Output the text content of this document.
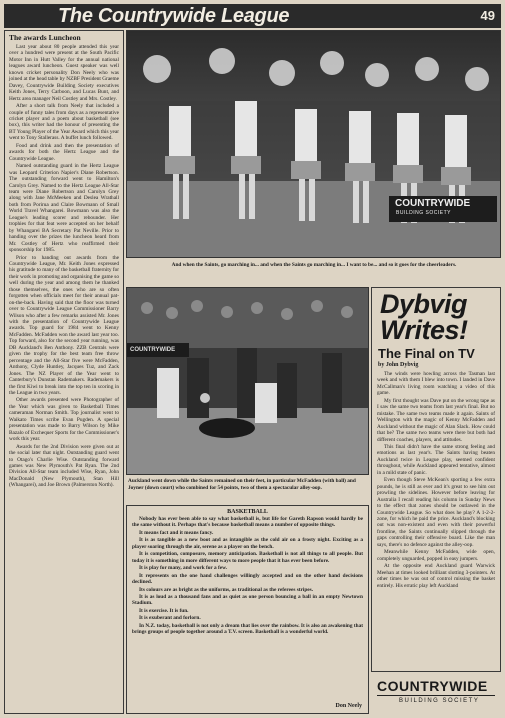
The Countrywide League	49
The awards Luncheon

Last year about 80 people attended this year over a hundred were present at the South Pacific Motor Inn in Hutt Valley for the annual national leagues award luncheon. Guest speaker was well known cricket personality Don Neely who was joined at the head table by NZBF President Graeme Davey, Countrywide Building Society executives Keith Jones, Terry Carboon, and Lucas Bunt, and Hertz area manager Neil Costley and Mrs. Costley.

After a short talk from Neely that included a couple of funny tales from days as a representative cricket player and a poem about basketball (see box), this writer had the honour of presenting the BT Young Player of the Year Award which this year went to Tony Stallerass. A buffet lunch followed.

Food and drink and then the presentation of awards for both the Hertz League and the Countrywide League.

Named outstanding guard in the Hertz League was Leopard Criterion Napier's Diane Robertson. The outstanding forward went to Hamilton's Carolyn Grey. Named to the Hertz League All-Star team were Diane Robertson and Carolyn Grey along with Jane McMeeken and Deslea Wrathall both from Porirua and Claire Bowmann of Small World Travel Whangarei. Bowmann was also the League's leading scorer and rebounder. Her trophies for that feat were accepted on her behalf by Whangarei BA Secretary Pat Neville. Prior to handing over the prizes the luncheon heard from Mr. Costley of Hertz who reaffirmed their sponsorship for 1985.

Prior to handing out awards from the Countrywide League, Mr. Keith Jones expressed his gratitude to many of the basketball fraternity for their work in promoting and organising the game so well during the year and among them he thanked those themselves, the ones who are so often forgotten when officials meet for their annual pat-on-the-back. Having said that the floor was turned over to Countrywide League Commissioner Barry Wilson who after a few remarks assisted Mr. Jones with the presentation of Countrywide League awards. Top guard for 1984 went to Kenny McFadden. McFadden won the award last year too. Top forward, also for the second year running, was DB Auckland's Ben Anthony. ZZB Centrals were given the trophy for the best team free throw percentage and the All-Star five were McFadden, Anthony, Clyde Huntley, Jacques Tuz, and Zack Jones. The NZ Player of the Year went to Canterbury's Dunstan Rademakers. Rademakers is the first Kiwi to break into the top ten in scoring in the League in two years.

Other awards presented were Photographer of the Year which was given to Basketball Times cameraman Norman Smith. Top journalist went to Waikato Times scribe Evan Pugden. A special presentation was made to Barry Wilson by Mike Bazalo of Exchequer Sports for the Commissioner's work this year.

Awards for the 2nd Division were given out at the social later that night. Outstanding guard went to Otago's Charlie Wise. Outstanding forward games was New Plymouth's Pat Ryan. The 2nd Division All-Star team included Wise, Ryan, John MacDonald (New Plymouth), Stan Hill (Whangarei), and Joe Brown (Palmerston North).

COUNTRYWIDE
BUILDING SOCIETY
And when the Saints, go marching in... and when the Saints go marching in... I want to be... and so it goes for the cheerleaders.
COUNTRYWIDE
Auckland went down while the Saints remained on their feet, in particular McFadden (with ball) and Joyner (down court) who combined for 54 points, two of them a spectacular alley-oop.
BASKETBALL

Nobody has ever been able to say what basketball is, but life for Gareth Rapson would hardly be the same without it. Perhaps that's because basketball means a number of opposite things.

It means fact and it means fancy.

It is as tangible as a new boot and as intangible as the cold air on a frosty night. Exciting as a player soaring through the air, serene as a player on the bench.

It is competition, composure, memory anticipation. Basketball is not all things to all people. But today it is something in more different ways to more people that it has ever been before.

It is play for many, and work for a few.

It represents on the one hand challenges willingly accepted and on the other hand decisions declined.

Its colours are as bright as the uniforms, as traditional as the referees stripes.

It is as loud as a thousand fans and as quiet as one person bouncing a ball in an empty Newtown Stadium.

It is exercise. It is fun.

It is exuberant and forlorn.

In N.Z. today, basketball is not only a dream that lies over the rainbow. It is also an awakening that brings groups of people together around a T.V. screen. Basketball is a wonderful world.

Don Neely
Dybvig
Writes!
The Final on TV
by John Dybvig

The winds were howling across the Tasman last week and with them I blew into town. I landed in Dave McCallman's living room watching a video of this game.

My first thought was Dave put on the wrong tape as I saw the same two teams from last year's final. But no mistake. The same two teams made it again. Saints of Wellington with the magic of Kenny McFadden and Auckland without the magic of Alan Slack. How could that be? The same two teams were there but both had different coaches, players, and attitudes.

This final didn't have the same strong feeling and emotions as last year's. The Saints having beaten Auckland twice in League play, seemed confident throughout, while Auckland appeared tentative, almost in a mild state of panic.

Even though Steve McKean's sporting a few extra pounds, he is still as ever and it's great to see him out prowling the sidelines. However before leaving for Australia I recall reading his column in Sunday News to the effect that zones should be outlawed in the Countrywide League. So what does he play? A 1-2-2-zone, for which he paid the price. Auckland's blocking out was non-existent and even with their powerful frontline, the Saints continually slipped through the gaps controlling their offensive board. Like the man says, there's no defence against the alley-oop.

Meanwhile Kenny McFadden, wide open, completely unguarded, popped in easy jumpers.

At the opposite end Auckland guard Warwick Meehan at times looked brilliant slotting 3-pointers. At other times he was out of control missing the basket entirely. His erratic play left Auckland

COUNTRYWIDE
BUILDING SOCIETY
